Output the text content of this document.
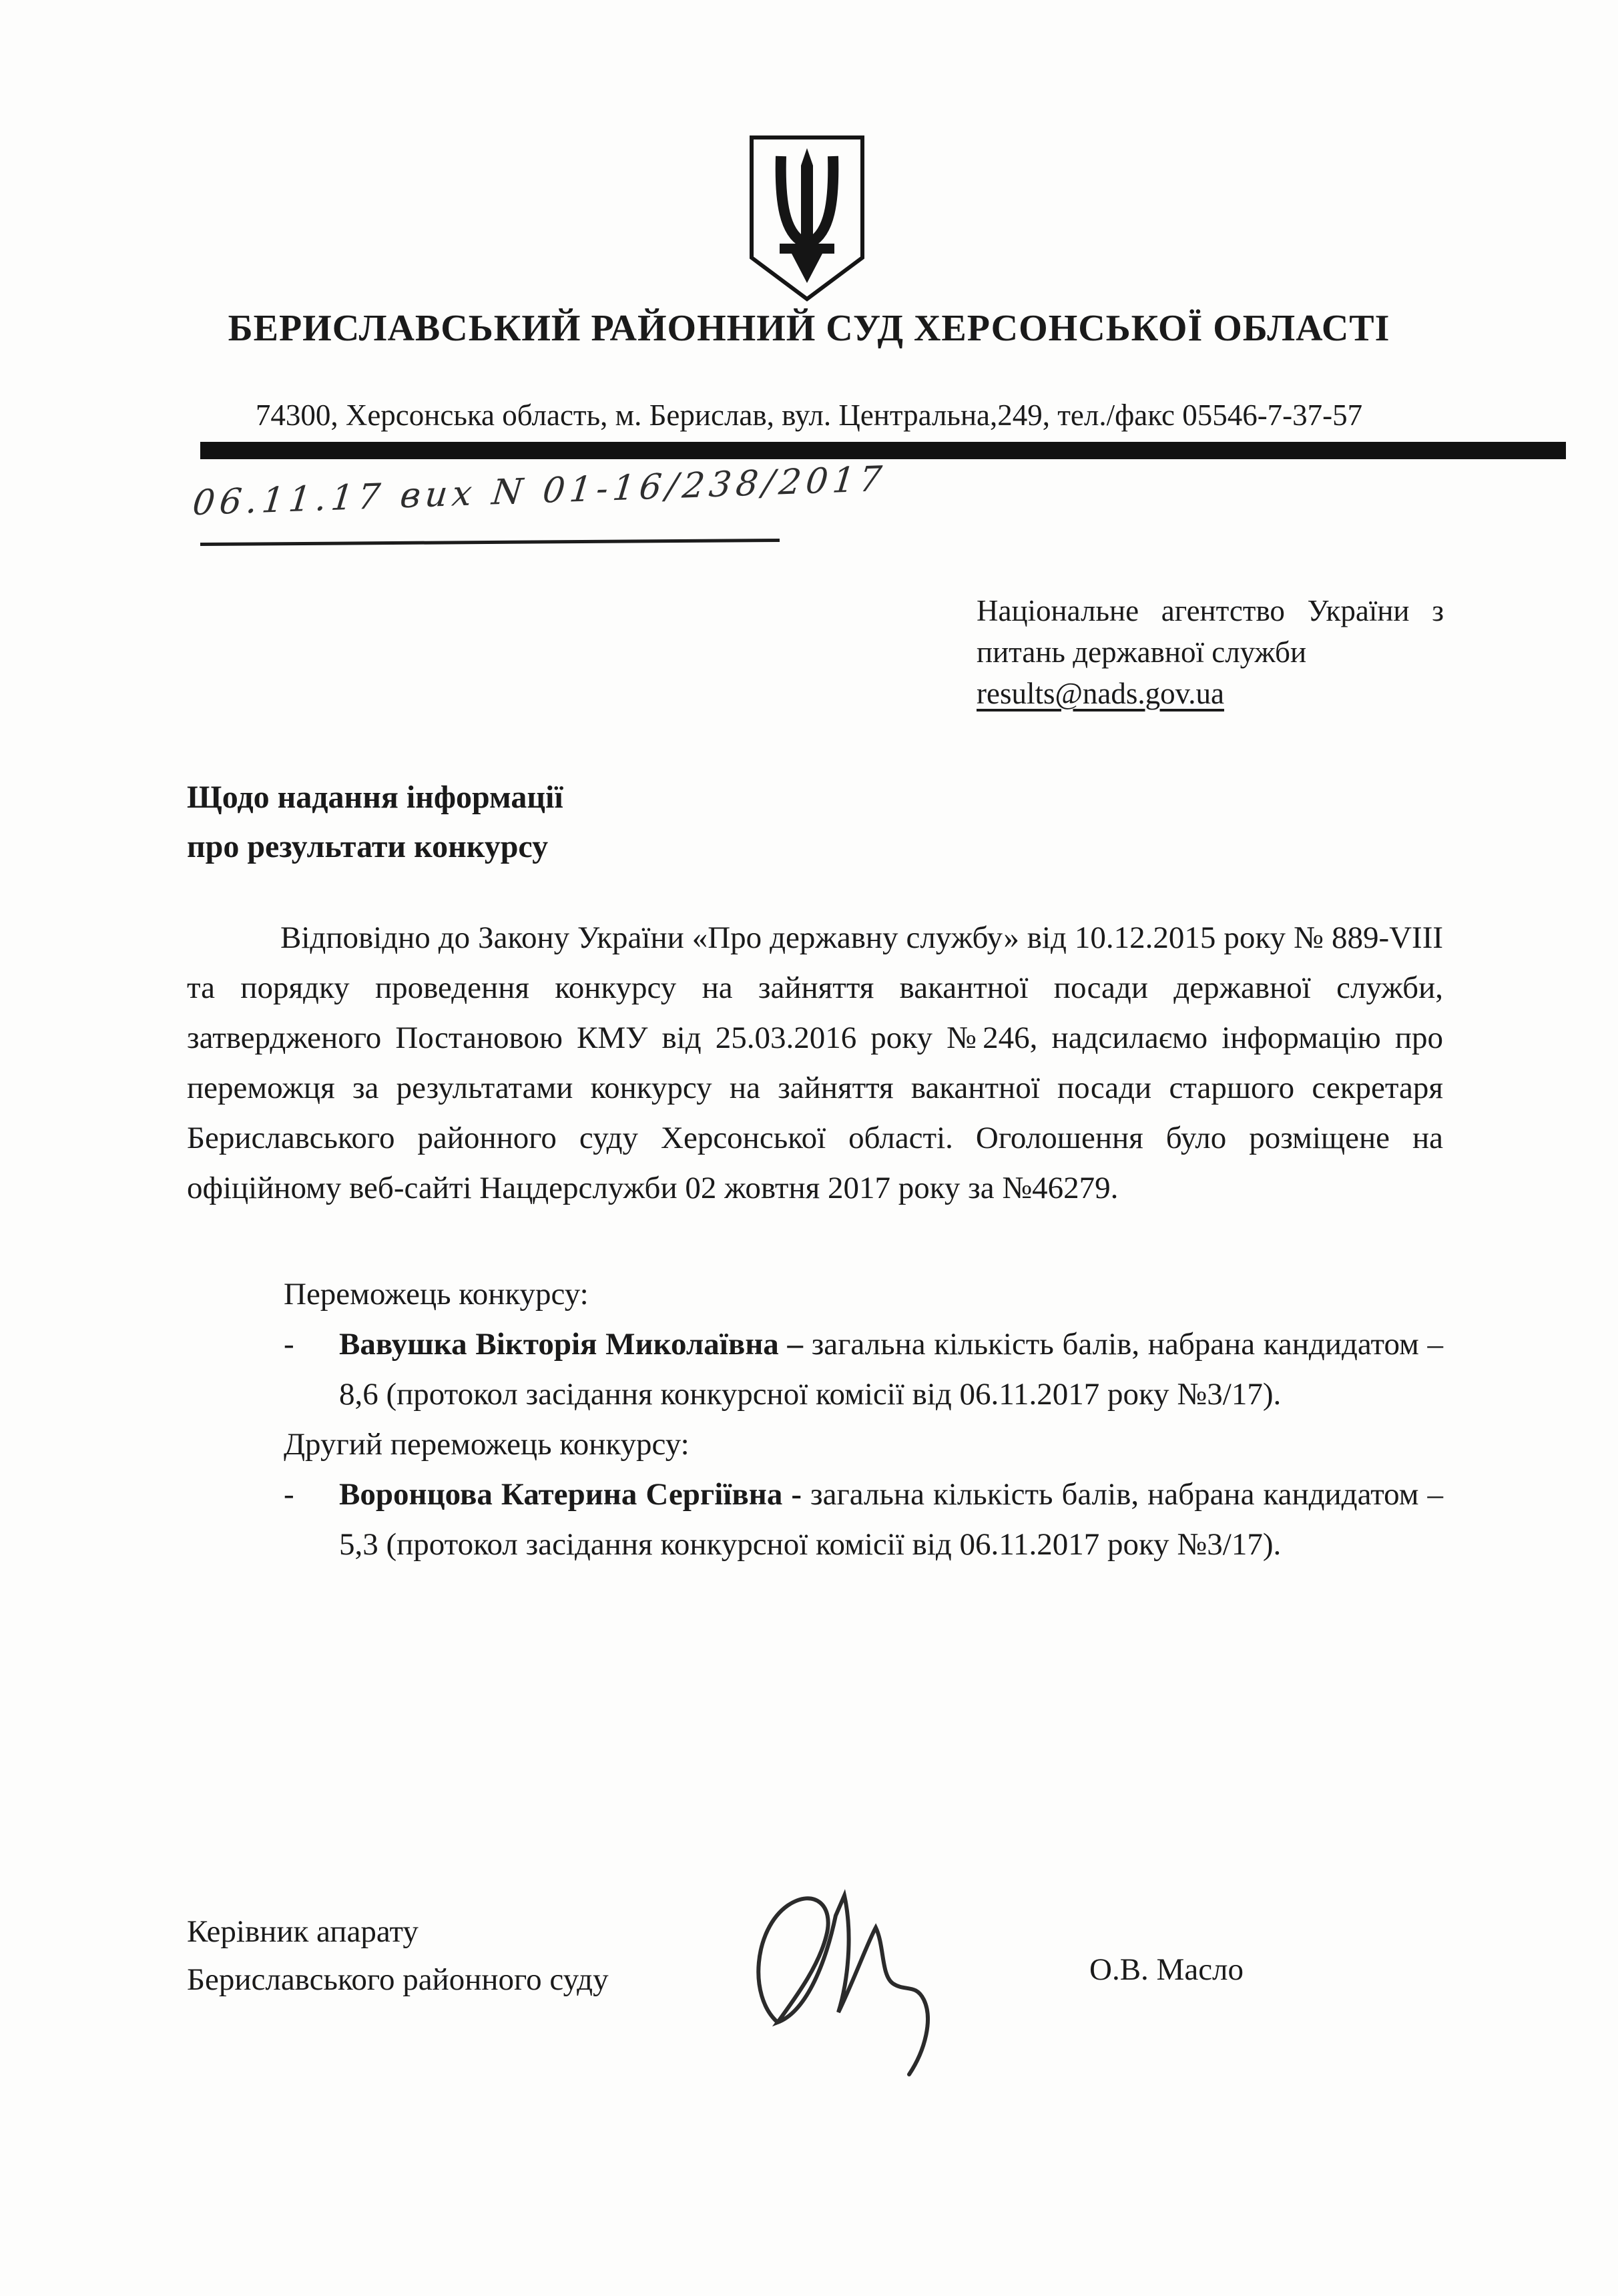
БЕРИСЛАВСЬКИЙ РАЙОННИЙ СУД ХЕРСОНСЬКОЇ ОБЛАСТІ
74300, Херсонська область, м. Берислав, вул. Центральна,249, тел./факс 05546-7-37-57
06.11.17 вих N 01-16/238/2017
Національне агентство України з
питань державної служби
results@nads.gov.ua
Щодо надання інформації
про результати конкурсу
Відповідно до Закону України «Про державну службу» від 10.12.2015 року № 889-VIII та порядку проведення конкурсу на зайняття вакантної посади державної служби, затвердженого Постановою КМУ від 25.03.2016 року №246, надсилаємо інформацію про переможця за результатами конкурсу на зайняття вакантної посади старшого секретаря Бериславського районного суду Херсонської області. Оголошення було розміщене на офіційному веб-сайті Нацдерслужби 02 жовтня 2017 року за №46279.
Переможець конкурсу:
-	Вавушка Вікторія Миколаївна – загальна кількість балів, набрана кандидатом – 8,6 (протокол засідання конкурсної комісії від 06.11.2017 року №3/17).
Другий переможець конкурсу:
-	Воронцова Катерина Сергіївна - загальна кількість балів, набрана кандидатом – 5,3 (протокол засідання конкурсної комісії від 06.11.2017 року №3/17).
Керівник апарату
Бериславського районного суду	О.В. Масло
